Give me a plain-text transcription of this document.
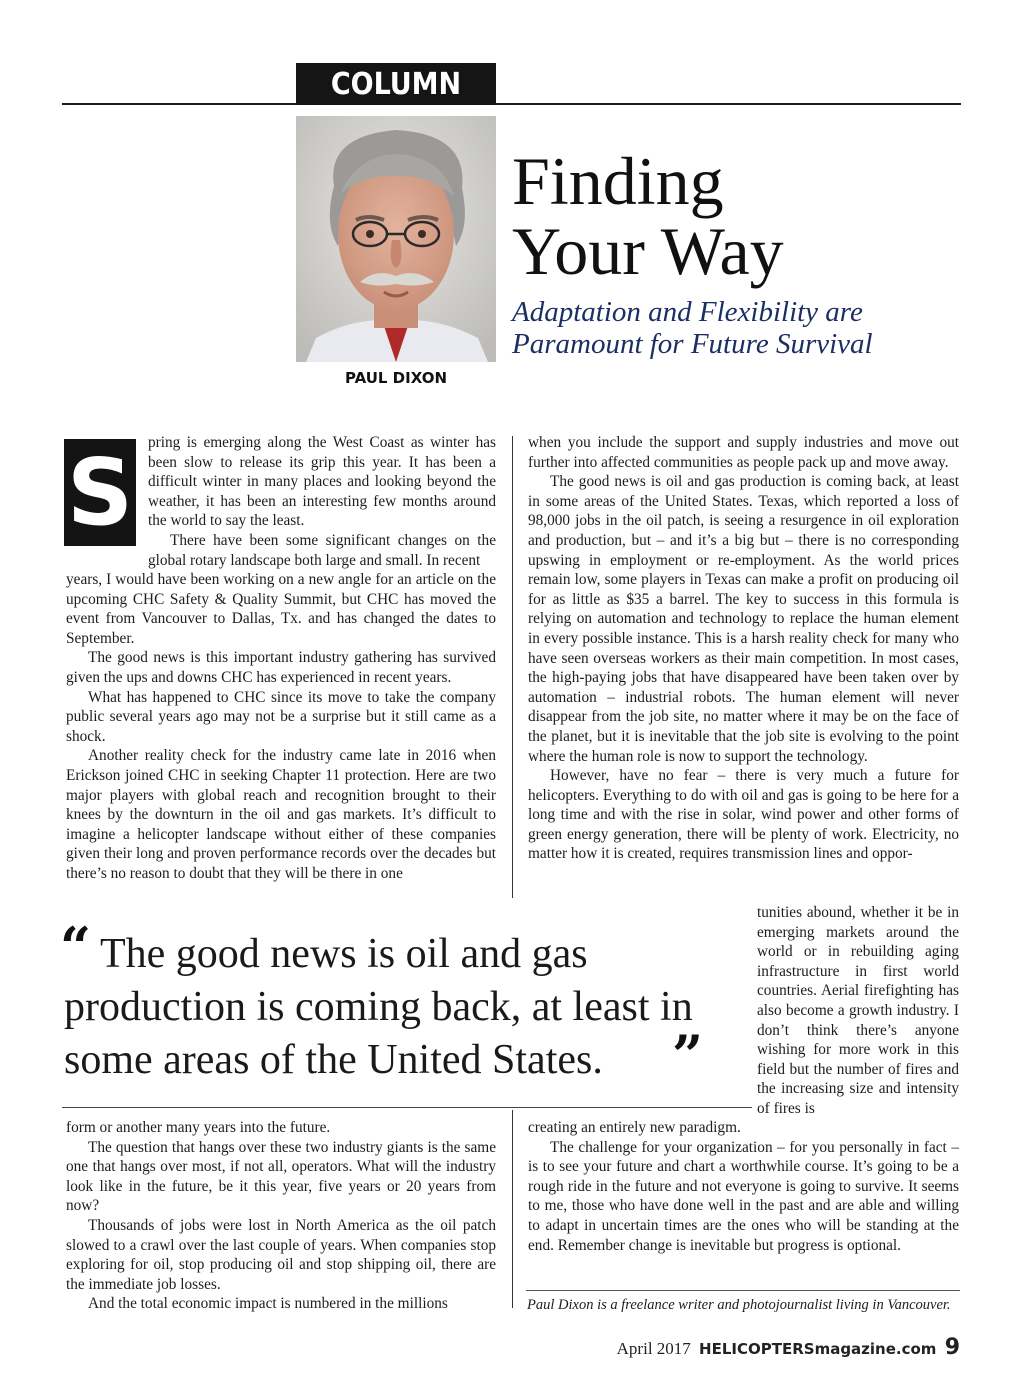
COLUMN
PAUL DIXON
Finding
Your Way
Adaptation and Flexibility are Paramount for Future Survival
S pring is emerging along the West Coast as winter has been slow to release its grip this year. It has been a difficult winter in many places and looking beyond the weather, it has been an interesting few months around the world to say the least.

There have been some significant changes on the global rotary landscape both large and small. In recent

years, I would have been working on a new angle for an article on the upcoming CHC Safety & Quality Summit, but CHC has moved the event from Vancouver to Dallas, Tx. and has changed the dates to September.

The good news is this important industry gathering has survived given the ups and downs CHC has experienced in recent years.

What has happened to CHC since its move to take the company public several years ago may not be a surprise but it still came as a shock.

Another reality check for the industry came late in 2016 when Erickson joined CHC in seeking Chapter 11 protection. Here are two major players with global reach and recognition brought to their knees by the downturn in the oil and gas markets. It’s difficult to imagine a helicopter landscape without either of these companies given their long and proven performance records over the decades but there’s no reason to doubt that they will be there in one

when you include the support and supply industries and move out further into affected communities as people pack up and move away.

The good news is oil and gas production is coming back, at least in some areas of the United States. Texas, which reported a loss of 98,000 jobs in the oil patch, is seeing a resurgence in oil exploration and production, but – and it’s a big but – there is no corresponding upswing in employment or re-employment. As the world prices remain low, some players in Texas can make a profit on producing oil for as little as $35 a barrel. The key to success in this formula is relying on automation and technology to replace the human element in every possible instance. This is a harsh reality check for many who have seen overseas workers as their main competition. In most cases, the high-paying jobs that have disappeared have been taken over by automation – industrial robots. The human element will never disappear from the job site, no matter where it may be on the face of the planet, but it is inevitable that the job site is evolving to the point where the human role is now to support the technology.

However, have no fear – there is very much a future for helicopters. Everything to do with oil and gas is going to be here for a long time and with the rise in solar, wind power and other forms of green energy generation, there will be plenty of work. Electricity, no matter how it is created, requires transmission lines and oppor-

tunities abound, whether it be in emerging markets around the world or in rebuilding aging infrastructure in first world countries. Aerial firefighting has also become a growth industry. I don’t think there’s anyone wishing for more work in this field but the number of fires and the increasing size and intensity of fires is

“ The good news is oil and gas production is coming back, at least in some areas of the United States.	”

form or another many years into the future.

The question that hangs over these two industry giants is the same one that hangs over most, if not all, operators. What will the industry look like in the future, be it this year, five years or 20 years from now?

Thousands of jobs were lost in North America as the oil patch slowed to a crawl over the last couple of years. When companies stop exploring for oil, stop producing oil and stop shipping oil, there are the immediate job losses.

And the total economic impact is numbered in the millions

creating an entirely new paradigm.

The challenge for your organization – for you personally in fact – is to see your future and chart a worthwhile course. It’s going to be a rough ride in the future and not everyone is going to survive. It seems to me, those who have done well in the past and are able and willing to adapt in uncertain times are the ones who will be standing at the end. Remember change is inevitable but progress is optional.

Paul Dixon is a freelance writer and photojournalist living in Vancouver.
April 2017 HELICOPTERSmagazine.com 9
